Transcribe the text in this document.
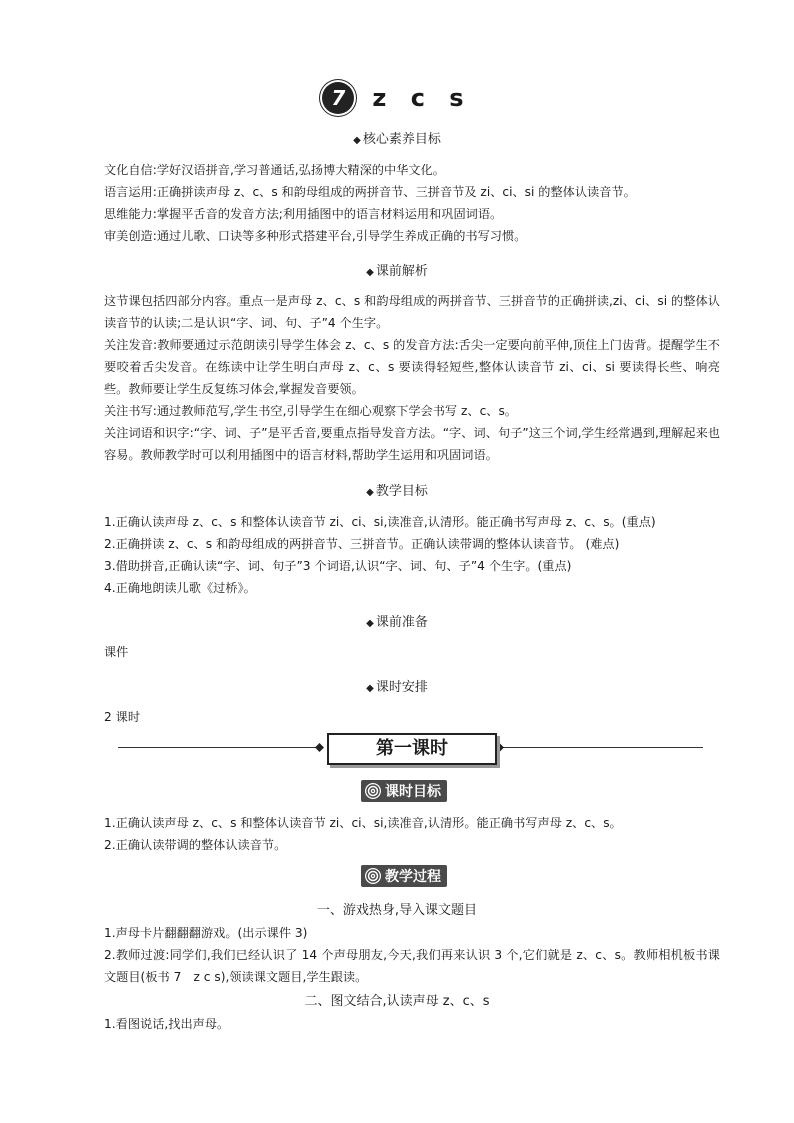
7	z c s
◆ 核心素养目标
文化自信:学好汉语拼音,学习普通话,弘扬博大精深的中华文化。
语言运用:正确拼读声母 z、c、s 和韵母组成的两拼音节、三拼音节及 zi、ci、si 的整体认读音节。
思维能力:掌握平舌音的发音方法;利用插图中的语言材料运用和巩固词语。
审美创造:通过儿歌、口诀等多种形式搭建平台,引导学生养成正确的书写习惯。
◆ 课前解析
这节课包括四部分内容。重点一是声母 z、c、s 和韵母组成的两拼音节、三拼音节的正确拼读,zi、ci、si 的整体认读音节的认读;二是认识“字、词、句、子”4 个生字。
关注发音:教师要通过示范朗读引导学生体会 z、c、s 的发音方法:舌尖一定要向前平伸,顶住上门齿背。提醒学生不要咬着舌尖发音。在练读中让学生明白声母 z、c、s 要读得轻短些,整体认读音节 zi、ci、si 要读得长些、响亮些。教师要让学生反复练习体会,掌握发音要领。
关注书写:通过教师范写,学生书空,引导学生在细心观察下学会书写 z、c、s。
关注词语和识字:“字、词、子”是平舌音,要重点指导发音方法。“字、词、句子”这三个词,学生经常遇到,理解起来也容易。教师教学时可以利用插图中的语言材料,帮助学生运用和巩固词语。
◆ 教学目标
1.正确认读声母 z、c、s 和整体认读音节 zi、ci、si,读准音,认清形。能正确书写声母 z、c、s。(重点)
2.正确拼读 z、c、s 和韵母组成的两拼音节、三拼音节。正确认读带调的整体认读音节。 (难点)
3.借助拼音,正确认读“字、词、句子”3 个词语,认识“字、词、句、子”4 个生字。(重点)
4.正确地朗读儿歌《过桥》。
◆ 课前准备
课件
◆ 课时安排
2 课时
第一课时
课时目标
1.正确认读声母 z、c、s 和整体认读音节 zi、ci、si,读准音,认清形。能正确书写声母 z、c、s。
2.正确认读带调的整体认读音节。
教学过程
一、游戏热身,导入课文题目
1.声母卡片翻翻翻游戏。(出示课件 3)
2.教师过渡:同学们,我们已经认识了 14 个声母朋友,今天,我们再来认识 3 个,它们就是 z、c、s。教师相机板书课文题目(板书 7　z c s),领读课文题目,学生跟读。
二、图文结合,认读声母 z、c、s
1.看图说话,找出声母。
